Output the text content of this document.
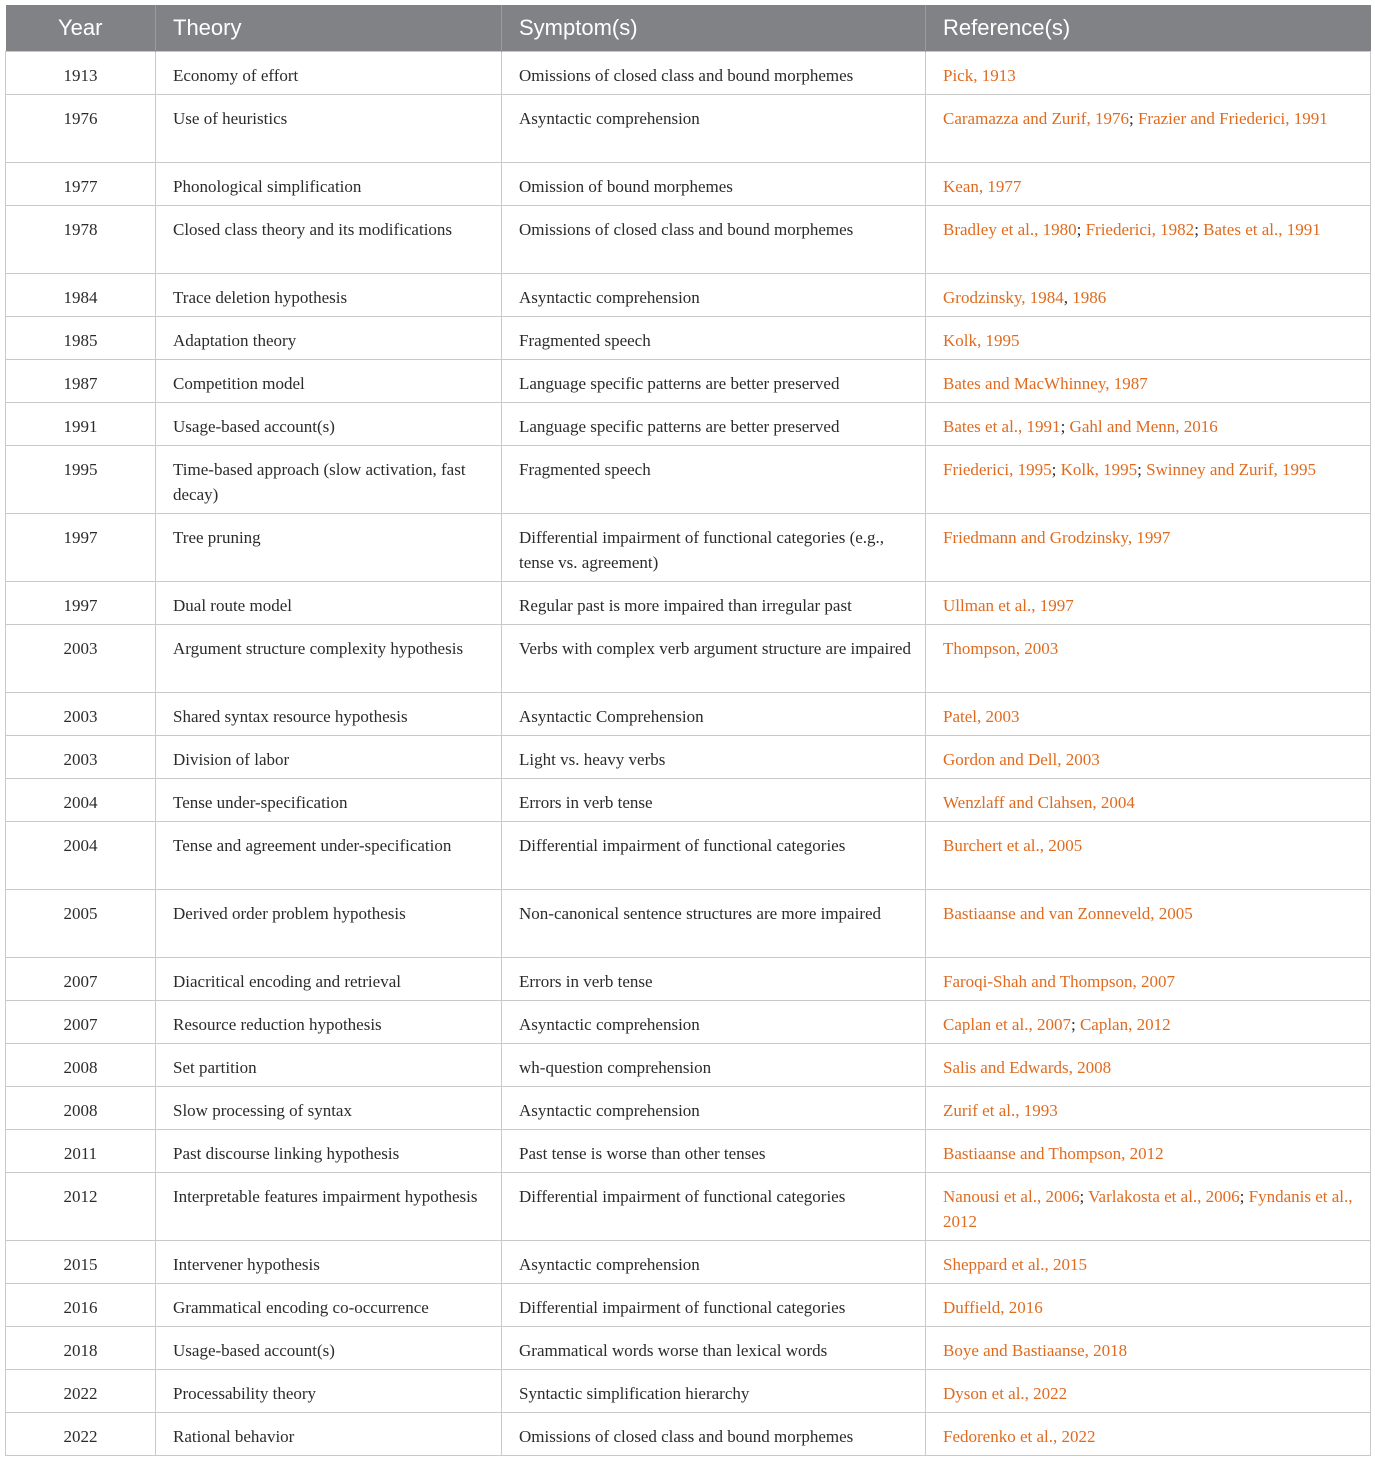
Year	Theory	Symptom(s)	Reference(s)
1913	Economy of effort	Omissions of closed class and bound morphemes	Pick, 1913
1976	Use of heuristics	Asyntactic comprehension	Caramazza and Zurif, 1976; Frazier and Friederici, 1991
1977	Phonological simplification	Omission of bound morphemes	Kean, 1977
1978	Closed class theory and its modifications	Omissions of closed class and bound morphemes	Bradley et al., 1980; Friederici, 1982; Bates et al., 1991
1984	Trace deletion hypothesis	Asyntactic comprehension	Grodzinsky, 1984, 1986
1985	Adaptation theory	Fragmented speech	Kolk, 1995
1987	Competition model	Language specific patterns are better preserved	Bates and MacWhinney, 1987
1991	Usage-based account(s)	Language specific patterns are better preserved	Bates et al., 1991; Gahl and Menn, 2016
1995	Time-based approach (slow activation, fast decay)	Fragmented speech	Friederici, 1995; Kolk, 1995; Swinney and Zurif, 1995
1997	Tree pruning	Differential impairment of functional categories (e.g., tense vs. agreement)	Friedmann and Grodzinsky, 1997
1997	Dual route model	Regular past is more impaired than irregular past	Ullman et al., 1997
2003	Argument structure complexity hypothesis	Verbs with complex verb argument structure are impaired	Thompson, 2003
2003	Shared syntax resource hypothesis	Asyntactic Comprehension	Patel, 2003
2003	Division of labor	Light vs. heavy verbs	Gordon and Dell, 2003
2004	Tense under-specification	Errors in verb tense	Wenzlaff and Clahsen, 2004
2004	Tense and agreement under-specification	Differential impairment of functional categories	Burchert et al., 2005
2005	Derived order problem hypothesis	Non-canonical sentence structures are more impaired	Bastiaanse and van Zonneveld, 2005
2007	Diacritical encoding and retrieval	Errors in verb tense	Faroqi-Shah and Thompson, 2007
2007	Resource reduction hypothesis	Asyntactic comprehension	Caplan et al., 2007; Caplan, 2012
2008	Set partition	wh-question comprehension	Salis and Edwards, 2008
2008	Slow processing of syntax	Asyntactic comprehension	Zurif et al., 1993
2011	Past discourse linking hypothesis	Past tense is worse than other tenses	Bastiaanse and Thompson, 2012
2012	Interpretable features impairment hypothesis	Differential impairment of functional categories	Nanousi et al., 2006; Varlakosta et al., 2006; Fyndanis et al., 2012
2015	Intervener hypothesis	Asyntactic comprehension	Sheppard et al., 2015
2016	Grammatical encoding co-occurrence	Differential impairment of functional categories	Duffield, 2016
2018	Usage-based account(s)	Grammatical words worse than lexical words	Boye and Bastiaanse, 2018
2022	Processability theory	Syntactic simplification hierarchy	Dyson et al., 2022
2022	Rational behavior	Omissions of closed class and bound morphemes	Fedorenko et al., 2022
